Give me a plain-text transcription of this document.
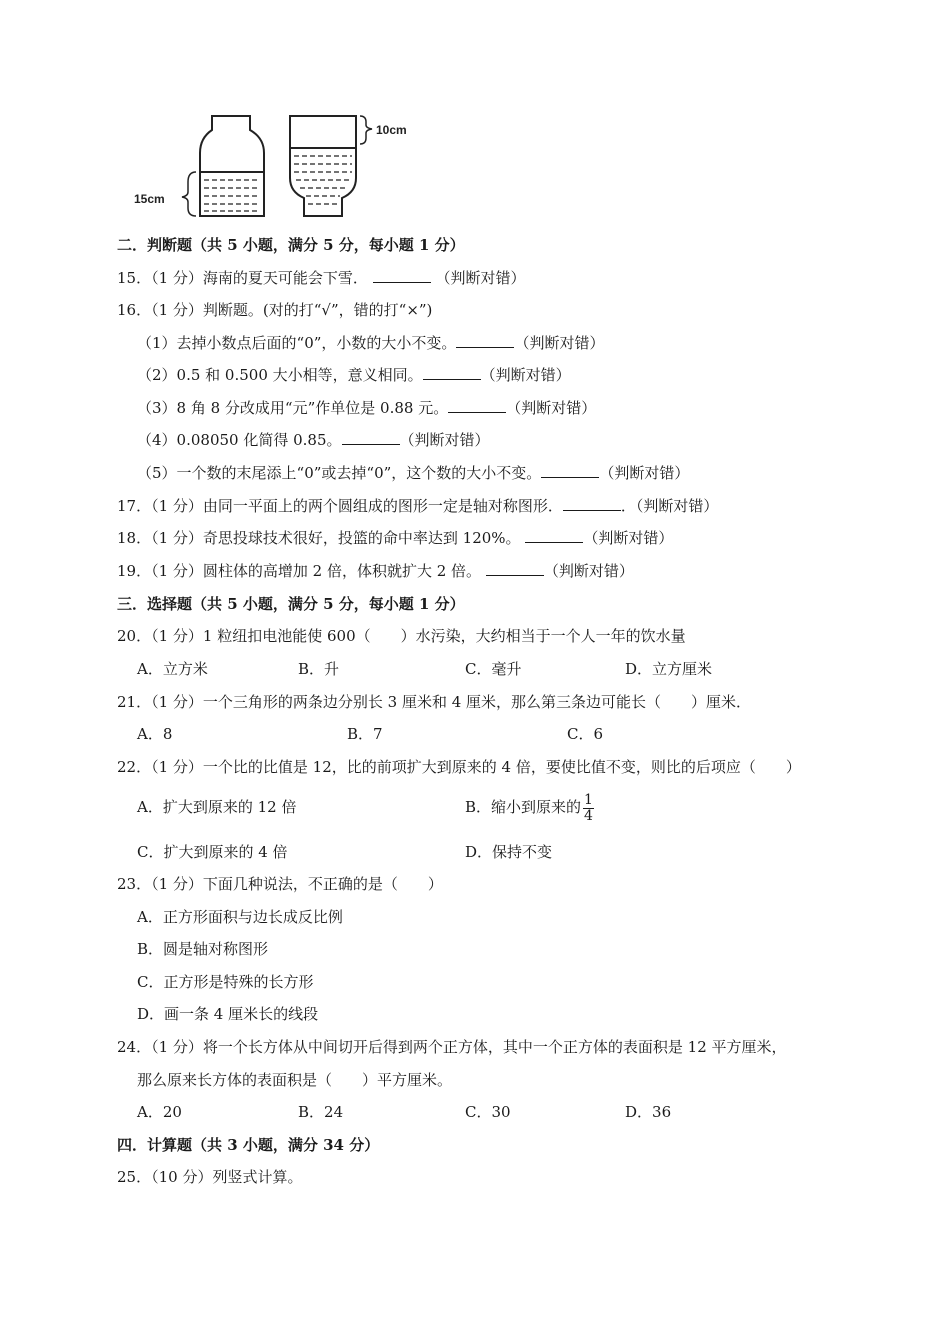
15cm
10cm
二．判断题（共 5 小题，满分 5 分，每小题 1 分）
15．（1 分）海南的夏天可能会下雪．	（判断对错）
16．（1 分）判断题。(对的打“√”，错的打“×”)
（1）去掉小数点后面的“0”，小数的大小不变。	（判断对错）
（2）0.5 和 0.500 大小相等，意义相同。	（判断对错）
（3）8 角 8 分改成用“元”作单位是 0.88 元。	（判断对错）
（4）0.08050 化简得 0.85。	（判断对错）
（5）一个数的末尾添上“0”或去掉“0”，这个数的大小不变。	（判断对错）
17．（1 分）由同一平面上的两个圆组成的图形一定是轴对称图形．	．（判断对错）
18．（1 分）奇思投球技术很好，投篮的命中率达到 120%。	（判断对错）
19．（1 分）圆柱体的高增加 2 倍，体积就扩大 2 倍。	（判断对错）
三．选择题（共 5 小题，满分 5 分，每小题 1 分）
20．（1 分）1 粒纽扣电池能使 600（　　）水污染，大约相当于一个人一年的饮水量
A．立方米	B．升	C．毫升	D．立方厘米
21．（1 分）一个三角形的两条边分别长 3 厘米和 4 厘米，那么第三条边可能长（　　）厘米．
A．8	B．7	C．6
22．（1 分）一个比的比值是 12，比的前项扩大到原来的 4 倍，要使比值不变，则比的后项应（　　）
A．扩大到原来的 12 倍	B．缩小到原来的 $\frac{1}{4}$
C．扩大到原来的 4 倍	D．保持不变
23．（1 分）下面几种说法，不正确的是（　　）
A．正方形面积与边长成反比例
B．圆是轴对称图形
C．正方形是特殊的长方形
D．画一条 4 厘米长的线段
24．（1 分）将一个长方体从中间切开后得到两个正方体，其中一个正方体的表面积是 12 平方厘米，
那么原来长方体的表面积是（　　）平方厘米。
A．20	B．24	C．30	D．36
四．计算题（共 3 小题，满分 34 分）
25．（10 分）列竖式计算。
